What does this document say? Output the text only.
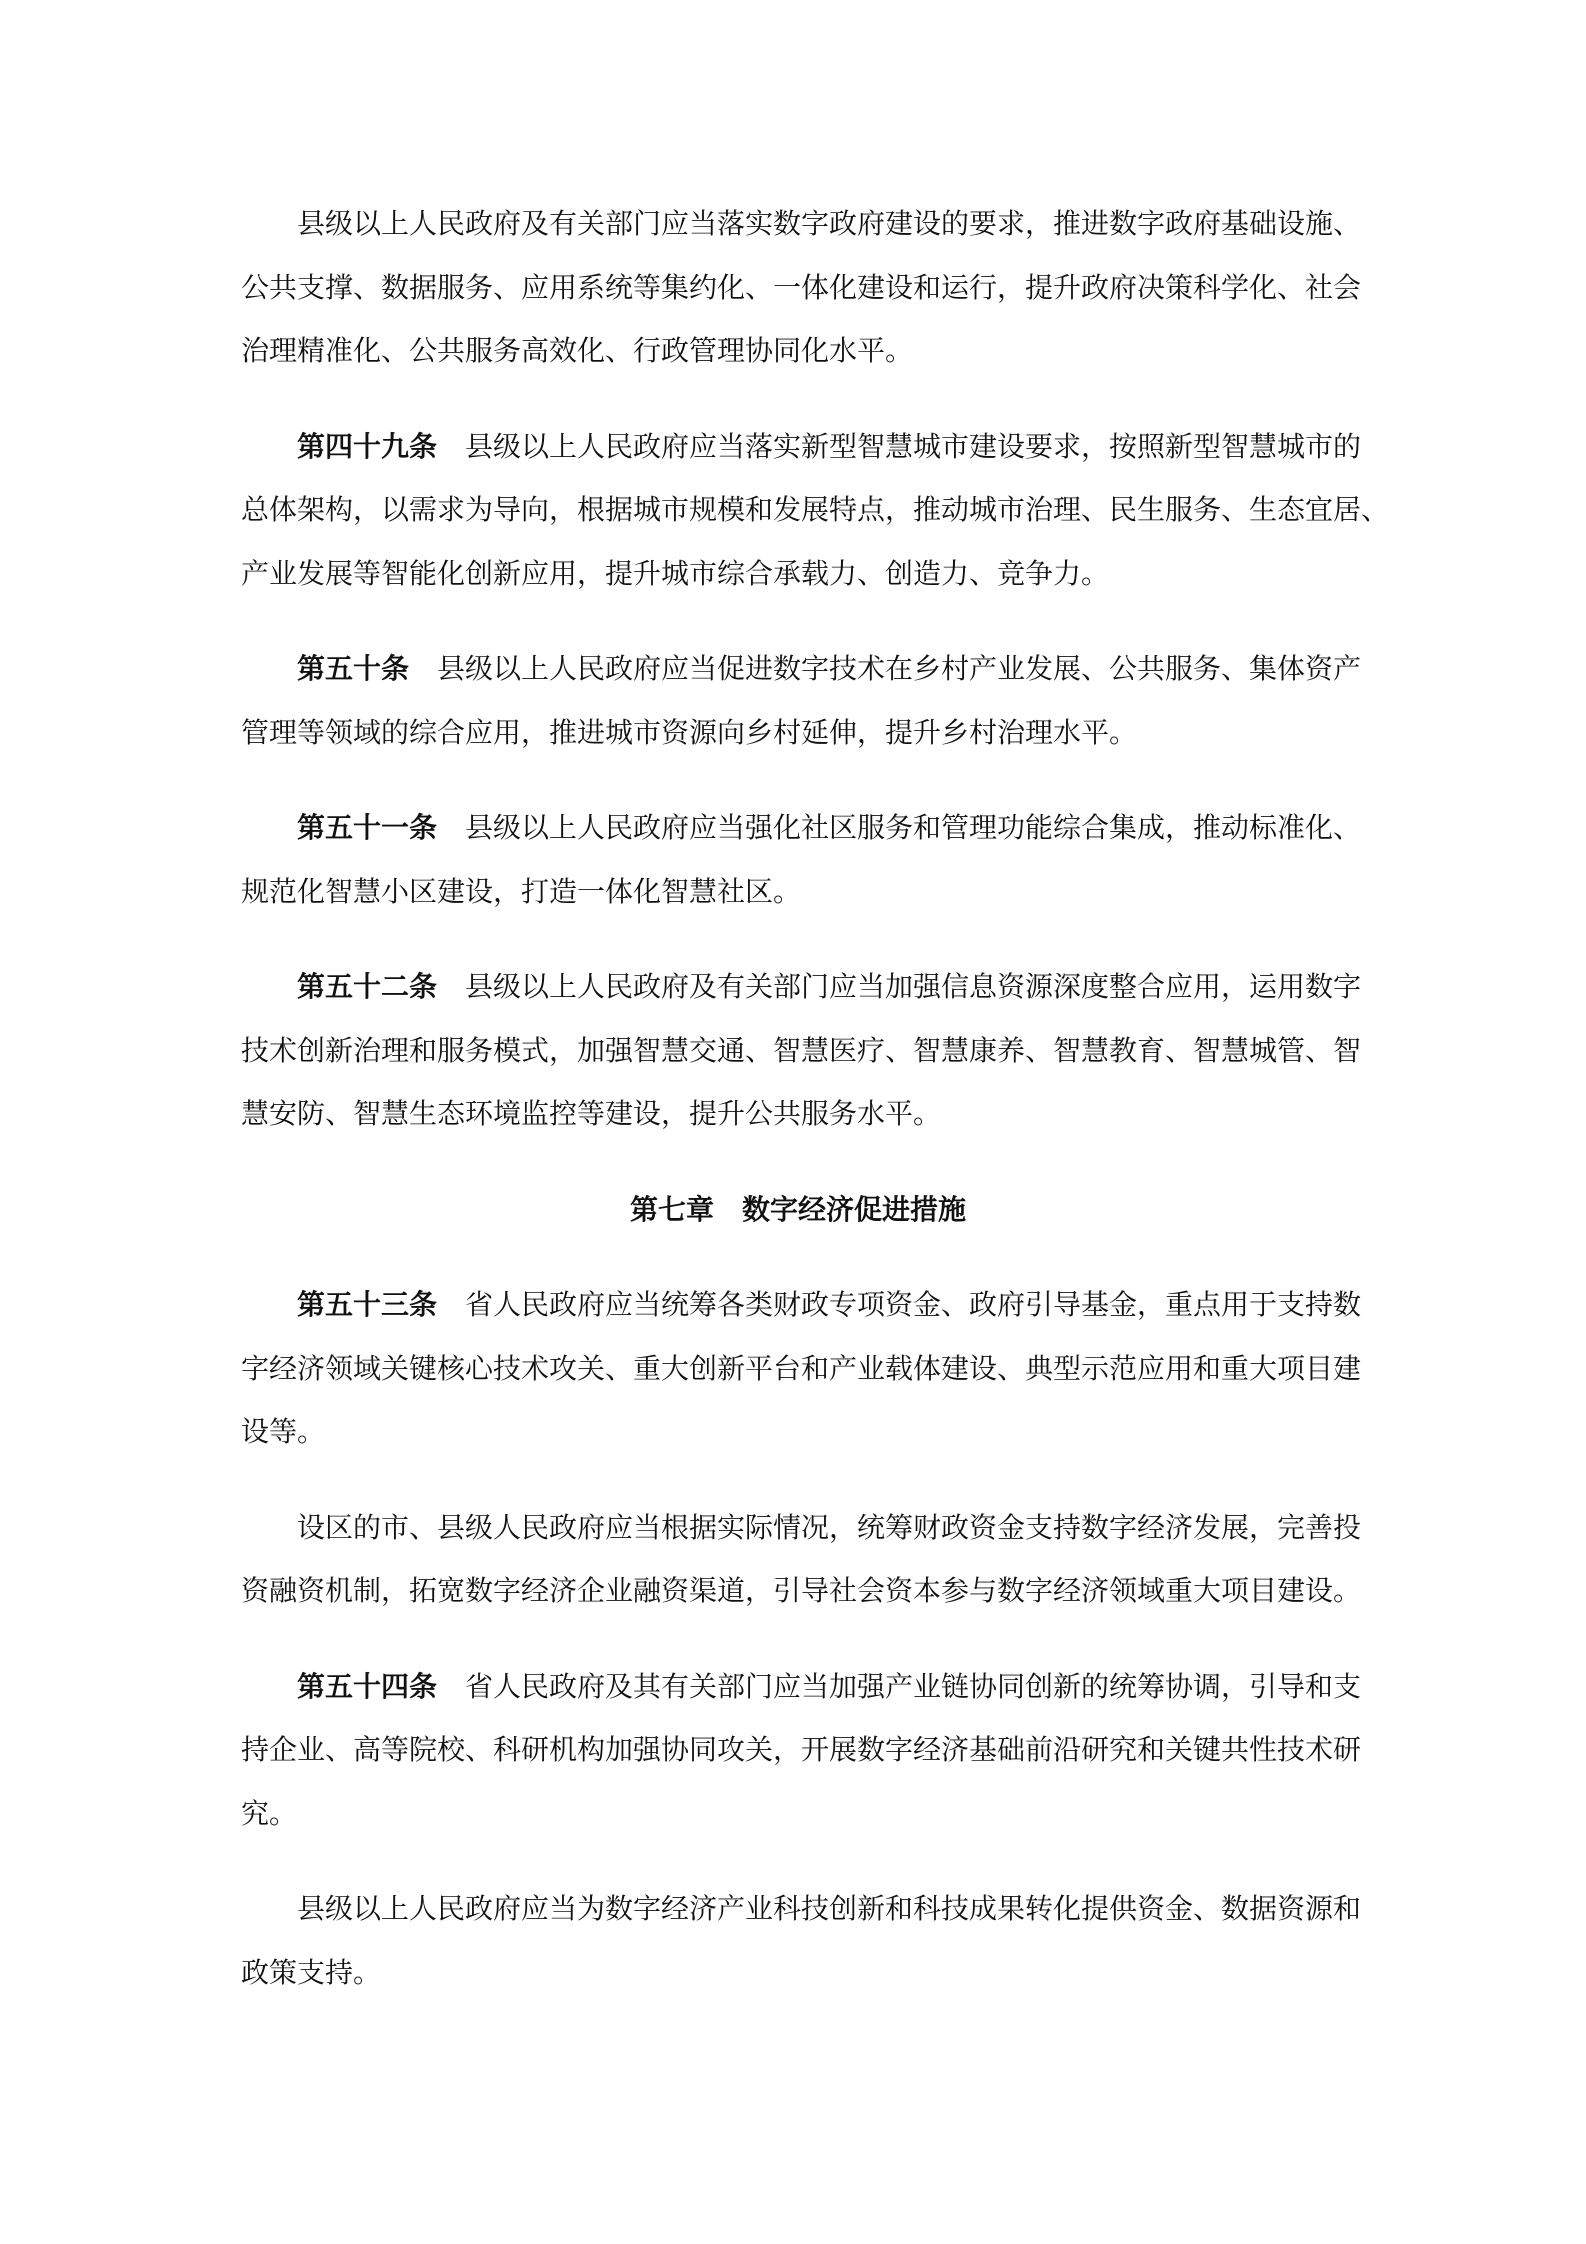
县级以上人民政府及有关部门应当落实数字政府建设的要求，推进数字政府基础设施、
公共支撑、数据服务、应用系统等集约化、一体化建设和运行，提升政府决策科学化、社会
治理精准化、公共服务高效化、行政管理协同化水平。
第四十九条 县级以上人民政府应当落实新型智慧城市建设要求，按照新型智慧城市的
总体架构，以需求为导向，根据城市规模和发展特点，推动城市治理、民生服务、生态宜居、
产业发展等智能化创新应用，提升城市综合承载力、创造力、竞争力。
第五十条 县级以上人民政府应当促进数字技术在乡村产业发展、公共服务、集体资产
管理等领域的综合应用，推进城市资源向乡村延伸，提升乡村治理水平。
第五十一条 县级以上人民政府应当强化社区服务和管理功能综合集成，推动标准化、
规范化智慧小区建设，打造一体化智慧社区。
第五十二条 县级以上人民政府及有关部门应当加强信息资源深度整合应用，运用数字
技术创新治理和服务模式，加强智慧交通、智慧医疗、智慧康养、智慧教育、智慧城管、智
慧安防、智慧生态环境监控等建设，提升公共服务水平。
第七章 数字经济促进措施
第五十三条 省人民政府应当统筹各类财政专项资金、政府引导基金，重点用于支持数
字经济领域关键核心技术攻关、重大创新平台和产业载体建设、典型示范应用和重大项目建
设等。
设区的市、县级人民政府应当根据实际情况，统筹财政资金支持数字经济发展，完善投
资融资机制，拓宽数字经济企业融资渠道，引导社会资本参与数字经济领域重大项目建设。
第五十四条 省人民政府及其有关部门应当加强产业链协同创新的统筹协调，引导和支
持企业、高等院校、科研机构加强协同攻关，开展数字经济基础前沿研究和关键共性技术研
究。
县级以上人民政府应当为数字经济产业科技创新和科技成果转化提供资金、数据资源和
政策支持。
